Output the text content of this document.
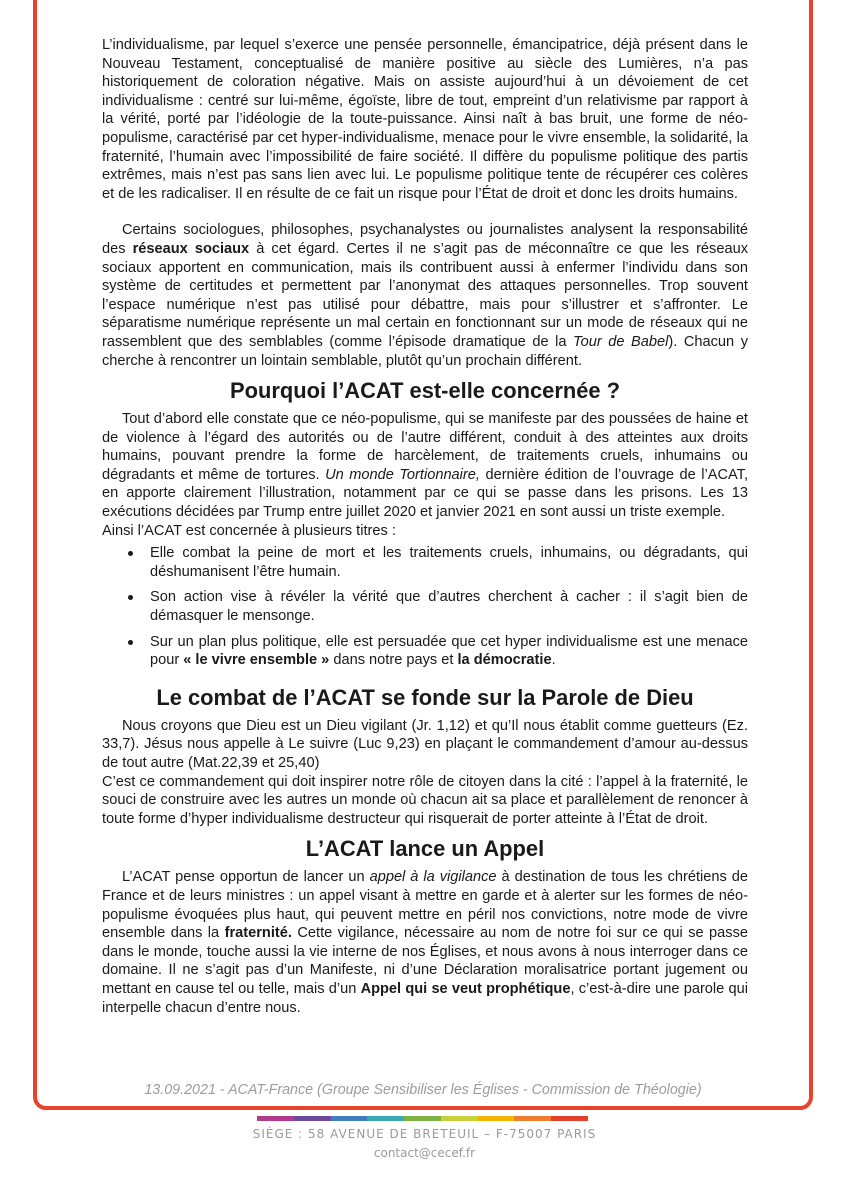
L’individualisme, par lequel s’exerce une pensée personnelle, émancipatrice, déjà présent dans le Nouveau Testament, conceptualisé de manière positive au siècle des Lumières, n’a pas historiquement de coloration négative. Mais on assiste aujourd’hui à un dévoiement de cet individualisme : centré sur lui-même, égoïste, libre de tout, empreint d’un relativisme par rapport à la vérité, porté par l’idéologie de la toute-puissance. Ainsi naît à bas bruit, une forme de néo-populisme, caractérisé par cet hyper-individualisme, menace pour le vivre ensemble, la solidarité, la fraternité, l’humain avec l’impossibilité de faire société. Il diffère du populisme politique des partis extrêmes, mais n’est pas sans lien avec lui. Le populisme politique tente de récupérer ces colères et de les radicaliser. Il en résulte de ce fait un risque pour l’État de droit et donc les droits humains.

Certains sociologues, philosophes, psychanalystes ou journalistes analysent la responsabilité des réseaux sociaux à cet égard. Certes il ne s’agit pas de méconnaître ce que les réseaux sociaux apportent en communication, mais ils contribuent aussi à enfermer l’individu dans son système de certitudes et permettent par l’anonymat des attaques personnelles. Trop souvent l’espace numérique n’est pas utilisé pour débattre, mais pour s’illustrer et s’affronter. Le séparatisme numérique représente un mal certain en fonctionnant sur un mode de réseaux qui ne rassemblent que des semblables (comme l’épisode dramatique de la Tour de Babel). Chacun y cherche à rencontrer un lointain semblable, plutôt qu’un prochain différent.

Pourquoi l’ACAT est-elle concernée ?

Tout d’abord elle constate que ce néo-populisme, qui se manifeste par des poussées de haine et de violence à l’égard des autorités ou de l’autre différent, conduit à des atteintes aux droits humains, pouvant prendre la forme de harcèlement, de traitements cruels, inhumains ou dégradants et même de tortures. Un monde Tortionnaire, dernière édition de l’ouvrage de l’ACAT, en apporte clairement l’illustration, notamment par ce qui se passe dans les prisons. Les 13 exécutions décidées par Trump entre juillet 2020 et janvier 2021 en sont aussi un triste exemple.

Ainsi l’ACAT est concernée à plusieurs titres :

Elle combat la peine de mort et les traitements cruels, inhumains, ou dégradants, qui déshumanisent l’être humain.
Son action vise à révéler la vérité que d’autres cherchent à cacher : il s’agit bien de démasquer le mensonge.
Sur un plan plus politique, elle est persuadée que cet hyper individualisme est une menace pour « le vivre ensemble » dans notre pays et la démocratie.
Le combat de l’ACAT se fonde sur la Parole de Dieu

Nous croyons que Dieu est un Dieu vigilant (Jr. 1,12) et qu’Il nous établit comme guetteurs (Ez. 33,7). Jésus nous appelle à Le suivre (Luc 9,23) en plaçant le commandement d’amour au-dessus de tout autre (Mat.22,39 et 25,40)

C’est ce commandement qui doit inspirer notre rôle de citoyen dans la cité : l’appel à la fraternité, le souci de construire avec les autres un monde où chacun ait sa place et parallèlement de renoncer à toute forme d’hyper individualisme destructeur qui risquerait de porter atteinte à l’État de droit.

L’ACAT lance un Appel

L’ACAT pense opportun de lancer un appel à la vigilance à destination de tous les chrétiens de France et de leurs ministres : un appel visant à mettre en garde et à alerter sur les formes de néo-populisme évoquées plus haut, qui peuvent mettre en péril nos convictions, notre mode de vivre ensemble dans la fraternité. Cette vigilance, nécessaire au nom de notre foi sur ce qui se passe dans le monde, touche aussi la vie interne de nos Églises, et nous avons à nous interroger dans ce domaine. Il ne s’agit pas d’un Manifeste, ni d’une Déclaration moralisatrice portant jugement ou mettant en cause tel ou telle, mais d’un Appel qui se veut prophétique, c’est-à-dire une parole qui interpelle chacun d’entre nous.

13.09.2021 - ACAT-France (Groupe Sensibiliser les Églises - Commission de Théologie)
SIÈGE : 58 AVENUE DE BRETEUIL – F-75007 PARIS
contact@cecef.fr
